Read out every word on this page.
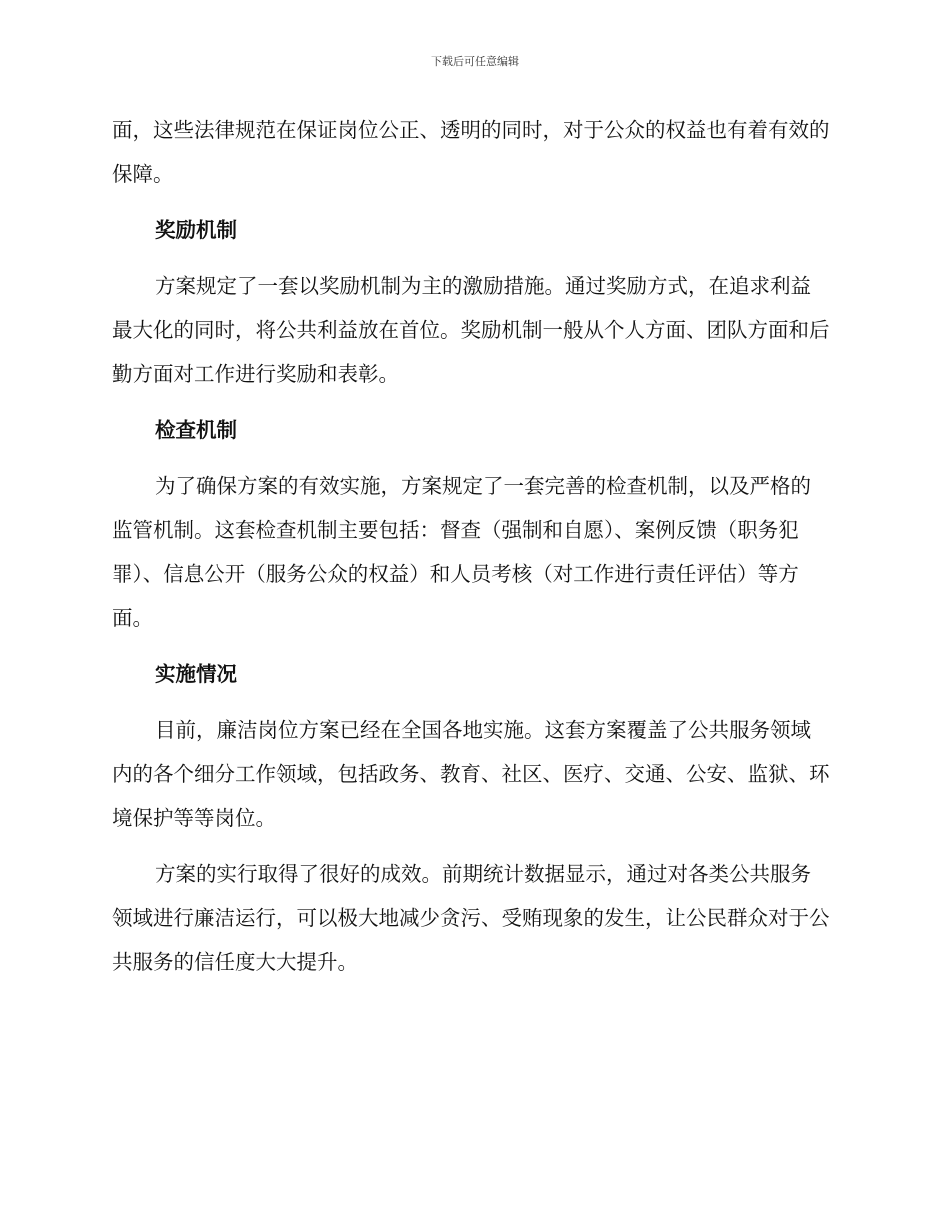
下载后可任意编辑

面，这些法律规范在保证岗位公正、透明的同时，对于公众的权益也有着有效的保障。

奖励机制

方案规定了一套以奖励机制为主的激励措施。通过奖励方式，在追求利益最大化的同时，将公共利益放在首位。奖励机制一般从个人方面、团队方面和后勤方面对工作进行奖励和表彰。

检查机制

为了确保方案的有效实施，方案规定了一套完善的检查机制，以及严格的监管机制。这套检查机制主要包括：督查（强制和自愿）、案例反馈（职务犯罪）、信息公开（服务公众的权益）和人员考核（对工作进行责任评估）等方面。

实施情况

目前，廉洁岗位方案已经在全国各地实施。这套方案覆盖了公共服务领域内的各个细分工作领域，包括政务、教育、社区、医疗、交通、公安、监狱、环境保护等等岗位。

方案的实行取得了很好的成效。前期统计数据显示，通过对各类公共服务领域进行廉洁运行，可以极大地减少贪污、受贿现象的发生，让公民群众对于公共服务的信任度大大提升。
